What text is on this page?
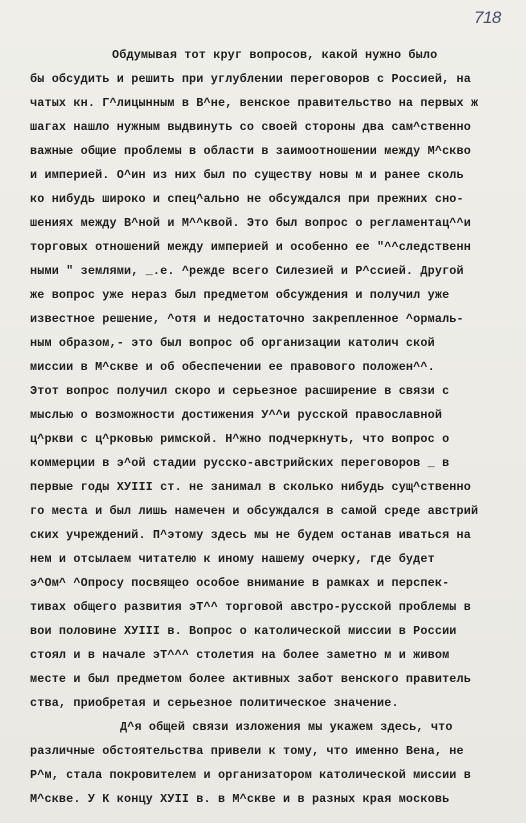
718
Обдумывая тот круг вопросов, какой нужно было
бы обсудить и решить при углублении переговоров с Россией, на
чатых кн. Г^лицынным в В^не, венское правительство на первых ж
шагах нашло нужным выдвинуть со своей стороны два сам^ственно
важные общие проблемы в области в заимоотношении между М^скво
и империей. О^ин из них был по существу новы м и ранее сколь
ко нибудь широко и спец^ально не обсуждался при прежних сно-
шениях между В^ной и М^^квой. Это был вопрос о регламентац^^и
торговых отношений между империей и особенно ее "^^следственн
ными " землями, _.е. ^режде всего Силезией и Р^ссией. Другой
же вопрос уже нераз был предметом обсуждения и получил уже
известное решение, ^отя и недостаточно закрепленное ^ормаль-
ным образом,- это был вопрос об организации католич ской
миссии в М^скве и об обеспечении ее правового положен^^.
Этот вопрос получил скоро и серьезное расширение в связи с
мыслью о возможности достижения У^^и русской православной
ц^ркви с ц^рковью римской. Н^жно подчеркнуть, что вопрос о
коммерции в э^ой стадии русско-австрийских переговоров _ в
первые годы ХУIII ст. не занимал в сколько нибудь сущ^ственно
го места и был лишь намечен и обсуждался в самой среде австрий
ских учреждений. П^этому здесь мы не будем останав иваться на
нем и отсылаем читателю к иному нашему очерку, где будет
э^Ом^ ^Опросу посвящео особое внимание в рамках и перспек-
тивах общего развития эТ^^ торговой австро-русской проблемы в
вои половине ХУIII в. Вопрос о католической миссии в России
стоял и в начале эТ^^^ столетия на более заметно м и живом
месте и был предметом более активных забот венского правитель
ства, приобретая и серьезное политическое значение.
Д^я общей связи изложения мы укажем здесь, что
различные обстоятельства привели к тому, что именно Вена, не
Р^м, стала покровителем и организатором католической миссии в
М^скве. У К концу ХУII в. в М^скве и в разных края московь
